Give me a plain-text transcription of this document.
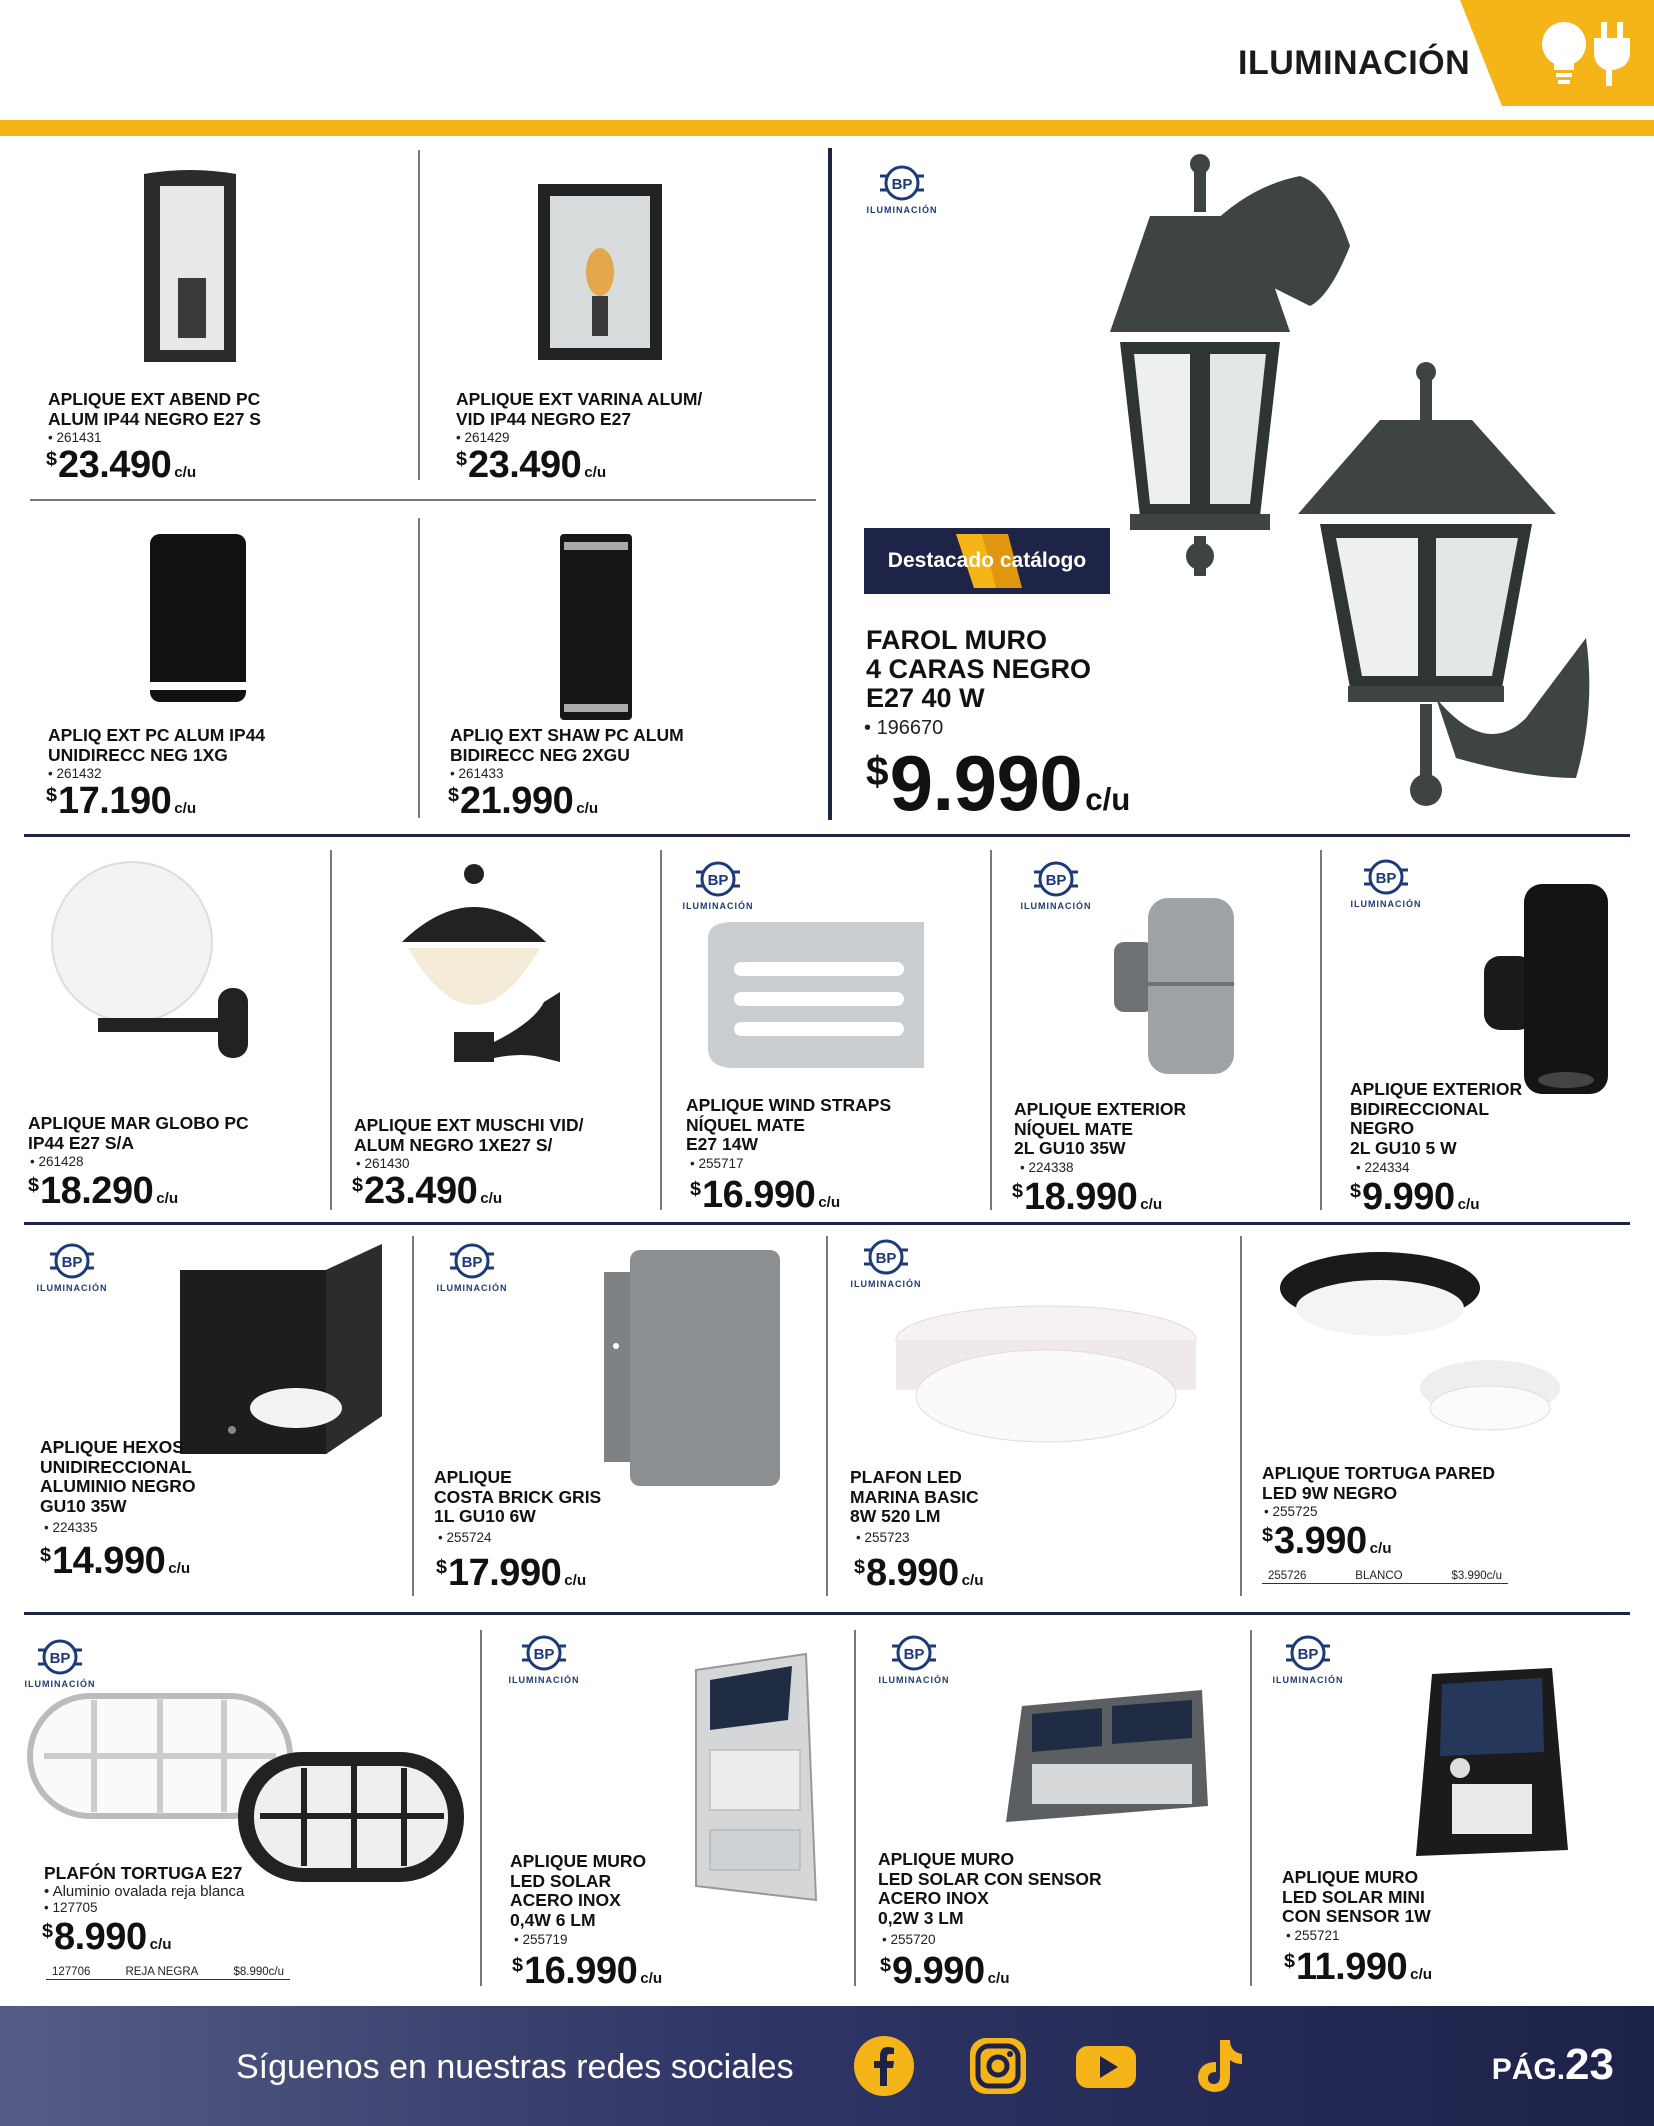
ILUMINACIÓN
APLIQUE EXT ABEND PC
ALUM IP44 NEGRO E27 S
• 261431
$23.490 c/u
APLIQUE EXT VARINA ALUM/
VID IP44 NEGRO E27
• 261429
$23.490 c/u
APLIQ EXT PC ALUM IP44
UNIDIRECC NEG 1XG
• 261432
$17.190 c/u
APLIQ EXT SHAW PC ALUM
BIDIRECC NEG 2XGU
• 261433
$21.990 c/u
BP
ILUMINACIÓN
Destacado catálogo
FAROL MURO
4 CARAS NEGRO
E27 40 W
• 196670
$9.990c/u
APLIQUE MAR GLOBO PC
IP44 E27 S/A
• 261428
$18.290 c/u
APLIQUE EXT MUSCHI VID/
ALUM NEGRO 1XE27 S/
• 261430
$23.490 c/u
BP
ILUMINACIÓN
APLIQUE WIND STRAPS
NÍQUEL MATE
E27 14W
• 255717
$16.990 c/u
BP
ILUMINACIÓN
APLIQUE EXTERIOR
NÍQUEL MATE
2L GU10 35W
• 224338
$18.990 c/u
BP
ILUMINACIÓN
APLIQUE EXTERIOR
BIDIRECCIONAL
NEGRO
2L GU10 5 W
• 224334
$9.990 c/u
BP
ILUMINACIÓN
APLIQUE HEXOS
UNIDIRECCIONAL
ALUMINIO NEGRO
GU10 35W
• 224335
$14.990 c/u
BP
ILUMINACIÓN
APLIQUE
COSTA BRICK GRIS
1L GU10 6W
• 255724
$17.990 c/u
BP
ILUMINACIÓN
PLAFON LED
MARINA BASIC
8W 520 LM
• 255723
$8.990 c/u
APLIQUE TORTUGA PARED
LED 9W NEGRO
• 255725
$3.990 c/u
255726	BLANCO	$3.990c/u
BP
ILUMINACIÓN
PLAFÓN TORTUGA E27
• Aluminio ovalada reja blanca
• 127705
$8.990 c/u
127706	REJA NEGRA	$8.990c/u
BP
ILUMINACIÓN
APLIQUE MURO
LED SOLAR
ACERO INOX
0,4W 6 LM
• 255719
$16.990 c/u
BP
ILUMINACIÓN
APLIQUE MURO
LED SOLAR CON SENSOR
ACERO INOX
0,2W 3 LM
• 255720
$9.990 c/u
BP
ILUMINACIÓN
APLIQUE MURO
LED SOLAR MINI
CON SENSOR 1W
• 255721
$11.990 c/u
Síguenos en nuestras redes sociales	PÁG.23
